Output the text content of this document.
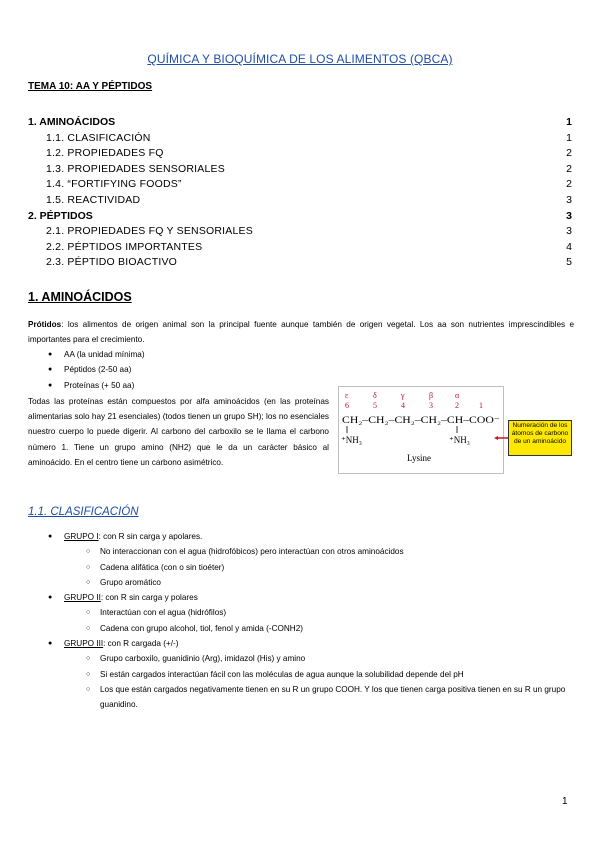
QUÍMICA Y BIOQUÍMICA DE LOS ALIMENTOS (QBCA)
TEMA 10: AA Y PÉPTIDOS
1. AMINOÁCIDOS	1
1.1. CLASIFICACIÓN	1
1.2. PROPIEDADES FQ	2
1.3. PROPIEDADES SENSORIALES	2
1.4. “FORTIFYING FOODS”	2
1.5. REACTIVIDAD	3
2. PÉPTIDOS	3
2.1. PROPIEDADES FQ Y SENSORIALES	3
2.2. PÉPTIDOS IMPORTANTES	4
2.3. PÉPTIDO BIOACTIVO	5
1. AMINOÁCIDOS
Prótidos: los alimentos de origen animal son la principal fuente aunque también de origen vegetal. Los aa son nutrientes imprescindibles e importantes para el crecimiento.
● AA (la unidad mínima)
● Péptidos (2-50 aa)
● Proteínas (+ 50 aa)
Todas las proteínas están compuestos por alfa aminoácidos (en las proteínas alimentarias solo hay 21 esenciales) (todos tienen un grupo SH); los no esenciales nuestro cuerpo lo puede digerir. Al carbono del carboxilo se le llama el carbono número 1. Tiene un grupo amino (NH2) que le da un carácter básico al aminoácido. En el centro tiene un carbono asimétrico.
ε	δ	γ	β	α
6	5	4	3	2	1
CH₂–CH₂–CH₂–CH₂–CH–COO⁻
⁺NH₃	⁺NH₃
Lysine
Numeración de los átomos de carbono de un aminoácido
1.1. CLASIFICACIÓN
● GRUPO I: con R sin carga y apolares.
○ No interaccionan con el agua (hidrofóbicos) pero interactúan con otros aminoácidos
○ Cadena alifática (con o sin tioéter)
○ Grupo aromático
● GRUPO II: con R sin carga y polares
○ Interactúan con el agua (hidrófilos)
○ Cadena con grupo alcohol, tiol, fenol y amida (-CONH2)
● GRUPO III: con R cargada (+/-)
○ Grupo carboxilo, guanidinio (Arg), imidazol (His) y amino
○ Si están cargados interactúan fácil con las moléculas de agua aunque la solubilidad depende del pH
○ Los que están cargados negativamente tienen en su R un grupo COOH. Y los que tienen carga positiva tienen en su R un grupo guanidino.
1
